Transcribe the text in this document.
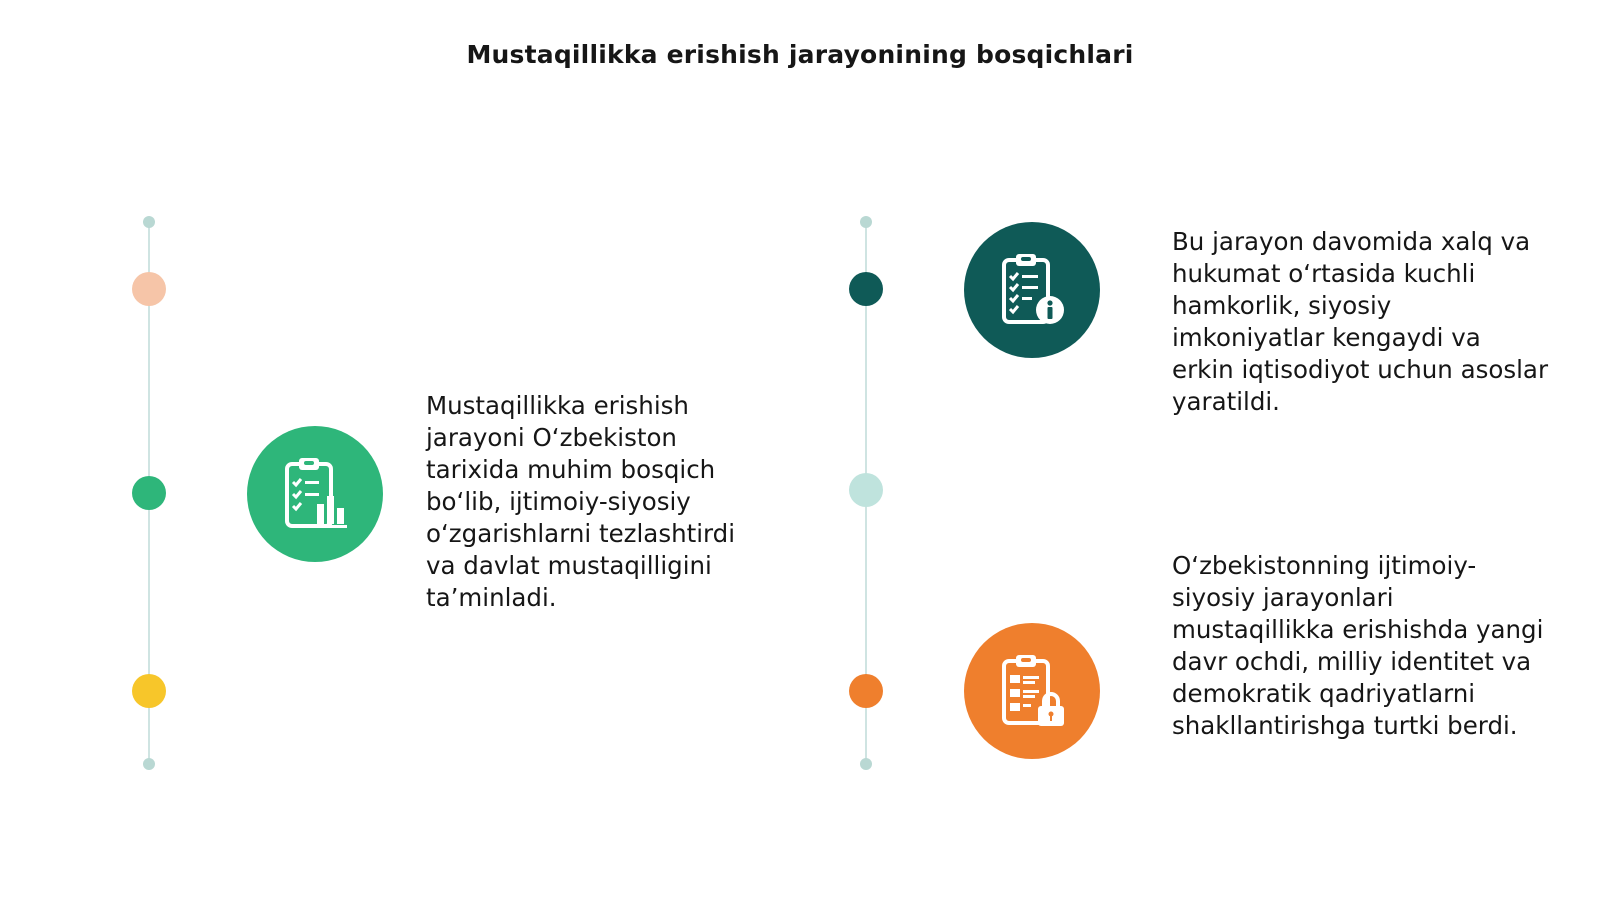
Mustaqillikka erishish jarayonining bosqichlari
Mustaqillikka erishish jarayoni O‘zbekiston tarixida muhim bosqich bo‘lib, ijtimoiy-siyosiy o‘zgarishlarni tezlashtirdi va davlat mustaqilligini ta’minladi.
Bu jarayon davomida xalq va hukumat o‘rtasida kuchli hamkorlik, siyosiy imkoniyatlar kengaydi va erkin iqtisodiyot uchun asoslar yaratildi.
O‘zbekistonning ijtimoiy-siyosiy jarayonlari mustaqillikka erishishda yangi davr ochdi, milliy identitet va demokratik qadriyatlarni shakllantirishga turtki berdi.
